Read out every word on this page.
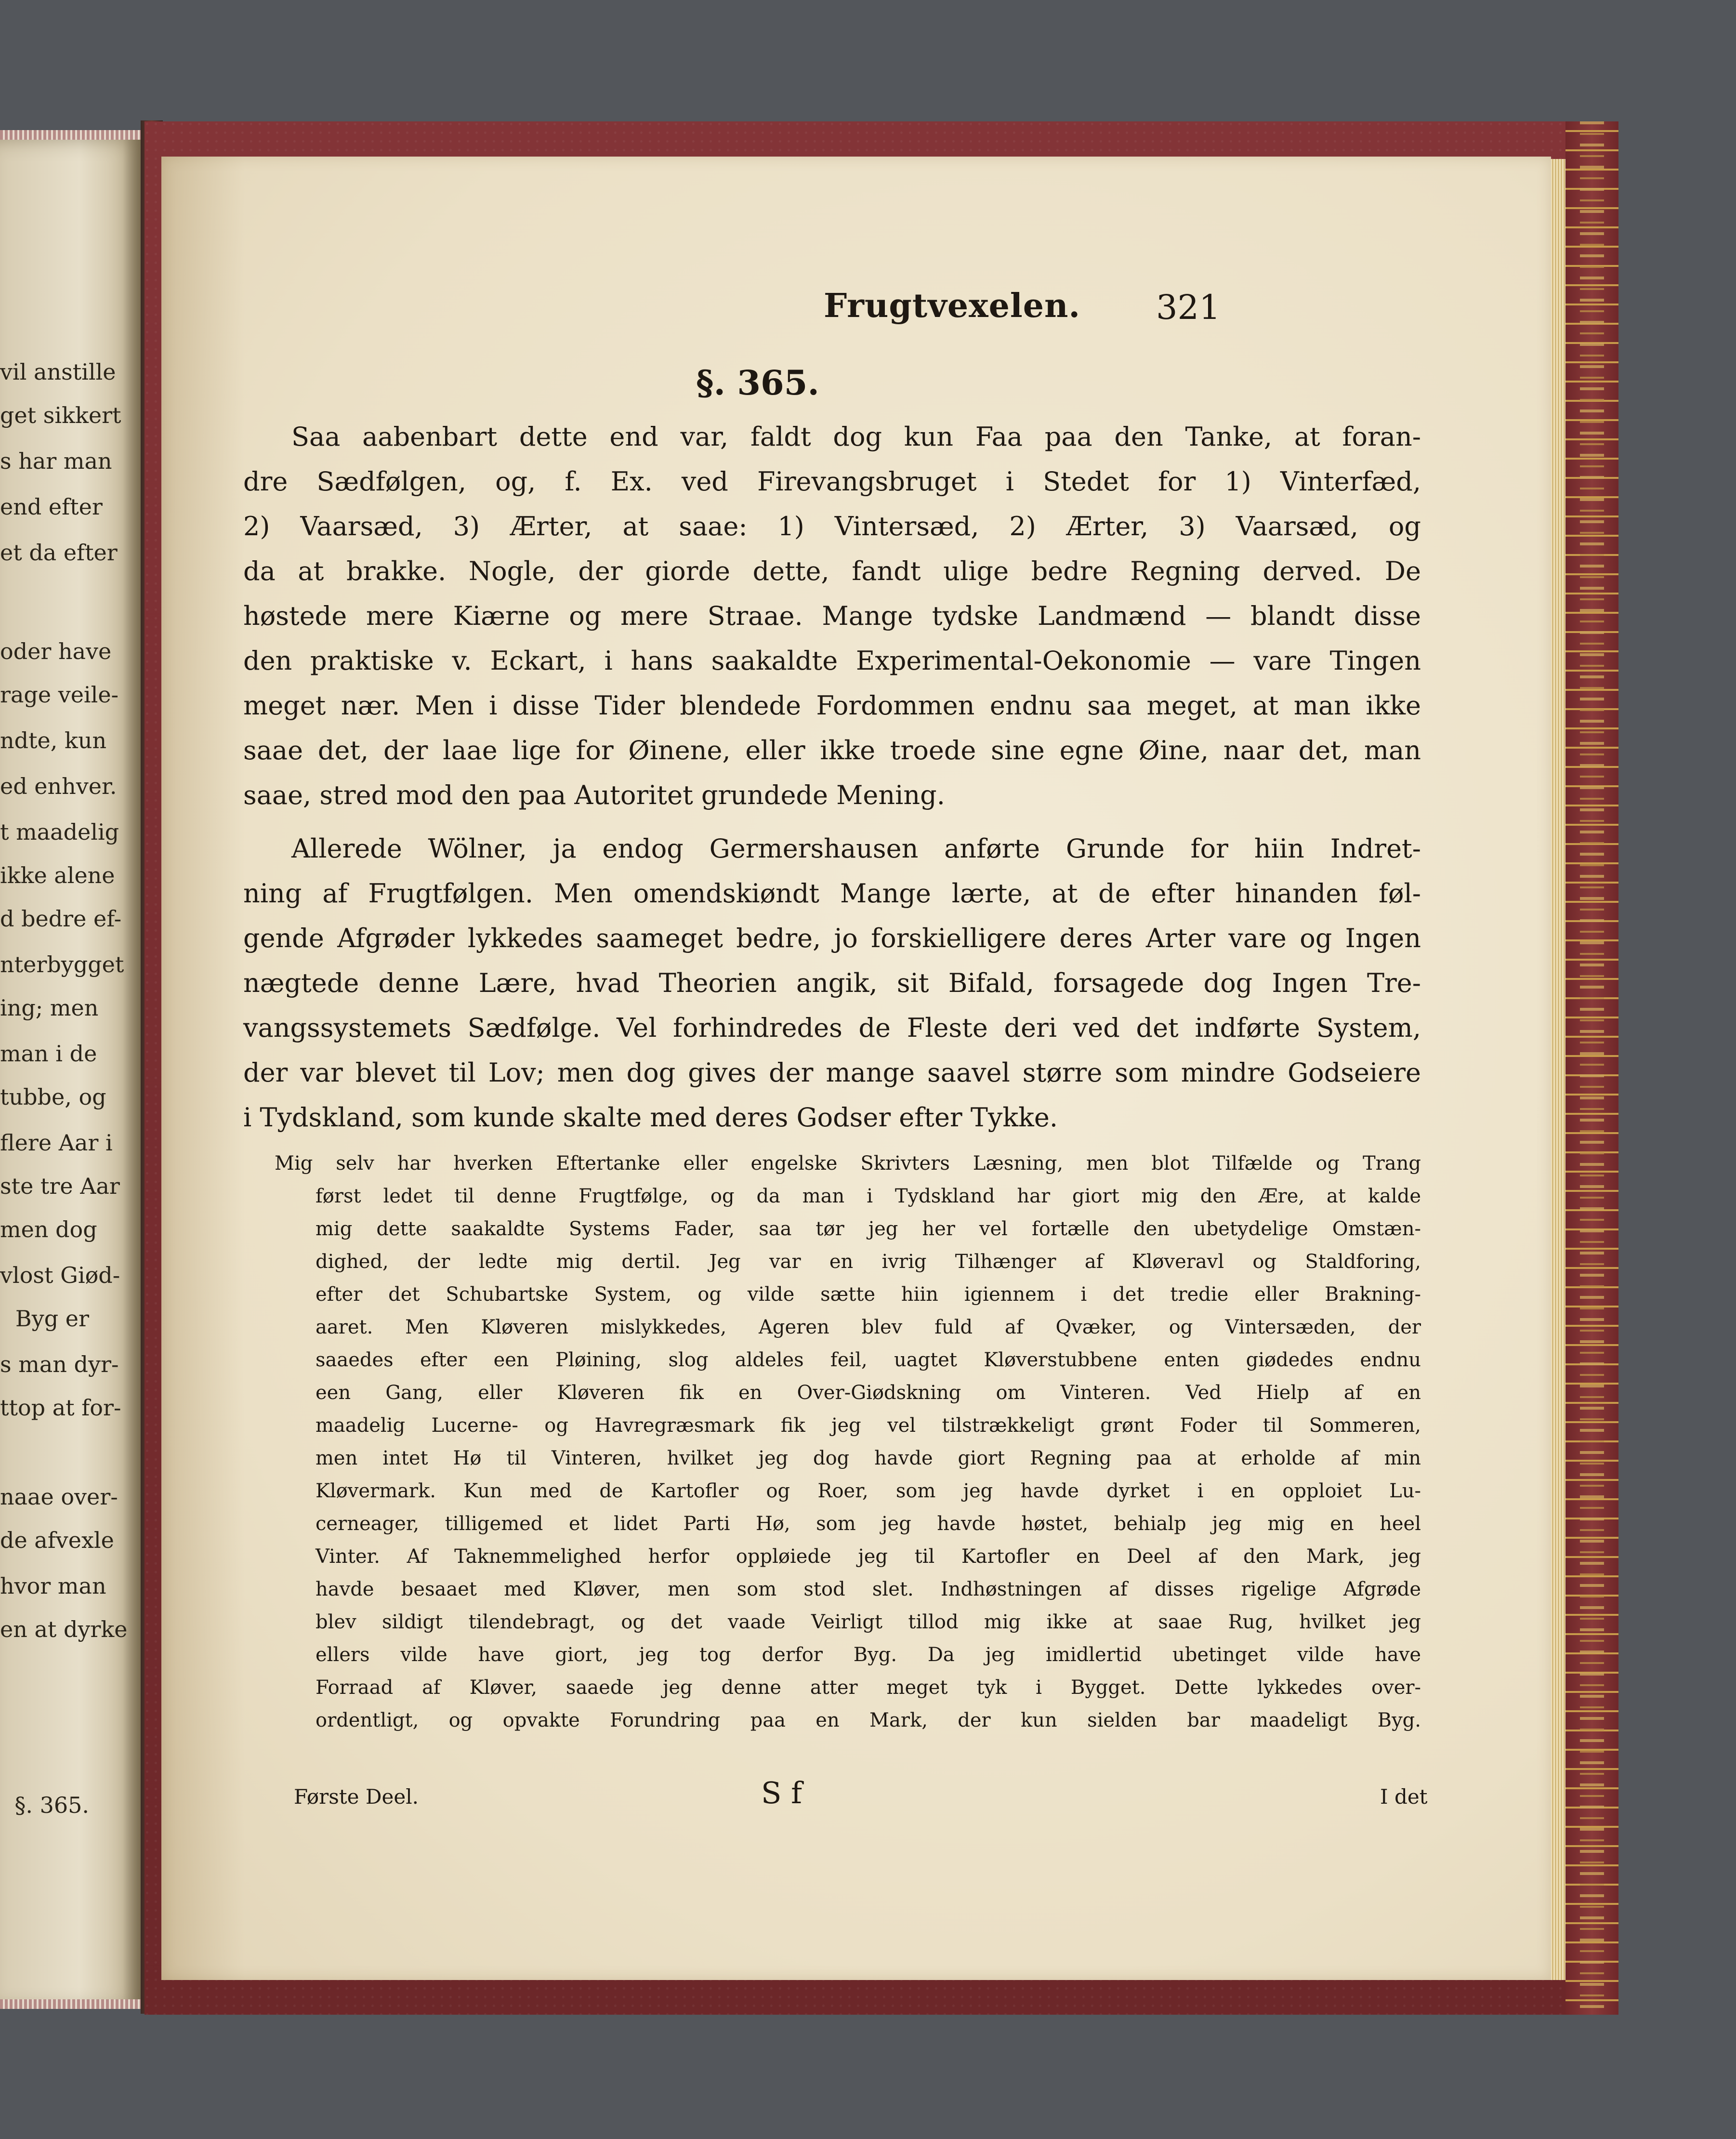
vil anstille
get sikkert
s har man
end efter
et da efter
oder have
rage veile-
ndte, kun
ed enhver.
t maadelig
ikke alene
d bedre ef-
nterbygget
ing; men
man i de
tubbe, og
flere Aar i
ste tre Aar
men dog
vlost Giød-
Byg er
s man dyr-
ttop at for-
naae over-
de afvexle
hvor man
en at dyrke
§. 365.
Frugtvexelen. 321
§. 365.
Saa aabenbart dette end var, faldt dog kun Faa paa den Tanke, at foran-
dre Sædfølgen, og, f. Ex. ved Firevangsbruget i Stedet for 1) Vinterfæd,
2) Vaarsæd, 3) Ærter, at saae: 1) Vintersæd, 2) Ærter, 3) Vaarsæd, og
da at brakke. Nogle, der giorde dette, fandt ulige bedre Regning derved. De
høstede mere Kiærne og mere Straae. Mange tydske Landmænd — blandt disse
den praktiske v. Eckart, i hans saakaldte Experimental-Oekonomie — vare Tingen
meget nær. Men i disse Tider blendede Fordommen endnu saa meget, at man ikke
saae det, der laae lige for Øinene, eller ikke troede sine egne Øine, naar det, man
saae, stred mod den paa Autoritet grundede Mening.
Allerede Wölner, ja endog Germershausen anførte Grunde for hiin Indret-
ning af Frugtfølgen. Men omendskiøndt Mange lærte, at de efter hinanden føl-
gende Afgrøder lykkedes saameget bedre, jo forskielligere deres Arter vare og Ingen
nægtede denne Lære, hvad Theorien angik, sit Bifald, forsagede dog Ingen Tre-
vangssystemets Sædfølge. Vel forhindredes de Fleste deri ved det indførte System,
der var blevet til Lov; men dog gives der mange saavel større som mindre Godseiere
i Tydskland, som kunde skalte med deres Godser efter Tykke.
Mig selv har hverken Eftertanke eller engelske Skrivters Læsning, men blot Tilfælde og Trang
først ledet til denne Frugtfølge, og da man i Tydskland har giort mig den Ære, at kalde
mig dette saakaldte Systems Fader, saa tør jeg her vel fortælle den ubetydelige Omstæn-
dighed, der ledte mig dertil. Jeg var en ivrig Tilhænger af Kløveravl og Staldforing,
efter det Schubartske System, og vilde sætte hiin igiennem i det tredie eller Brakning-
aaret. Men Kløveren mislykkedes, Ageren blev fuld af Qvæker, og Vintersæden, der
saaedes efter een Pløining, slog aldeles feil, uagtet Kløverstubbene enten giødedes endnu
een Gang, eller Kløveren fik en Over-Giødskning om Vinteren. Ved Hielp af en
maadelig Lucerne- og Havregræsmark fik jeg vel tilstrækkeligt grønt Foder til Sommeren,
men intet Hø til Vinteren, hvilket jeg dog havde giort Regning paa at erholde af min
Kløvermark. Kun med de Kartofler og Roer, som jeg havde dyrket i en opploiet Lu-
cerneager, tilligemed et lidet Parti Hø, som jeg havde høstet, behialp jeg mig en heel
Vinter. Af Taknemmelighed herfor oppløiede jeg til Kartofler en Deel af den Mark, jeg
havde besaaet med Kløver, men som stod slet. Indhøstningen af disses rigelige Afgrøde
blev sildigt tilendebragt, og det vaade Veirligt tillod mig ikke at saae Rug, hvilket jeg
ellers vilde have giort, jeg tog derfor Byg. Da jeg imidlertid ubetinget vilde have
Forraad af Kløver, saaede jeg denne atter meget tyk i Bygget. Dette lykkedes over-
ordentligt, og opvakte Forundring paa en Mark, der kun sielden bar maadeligt Byg.
Første Deel.	S f	I det
